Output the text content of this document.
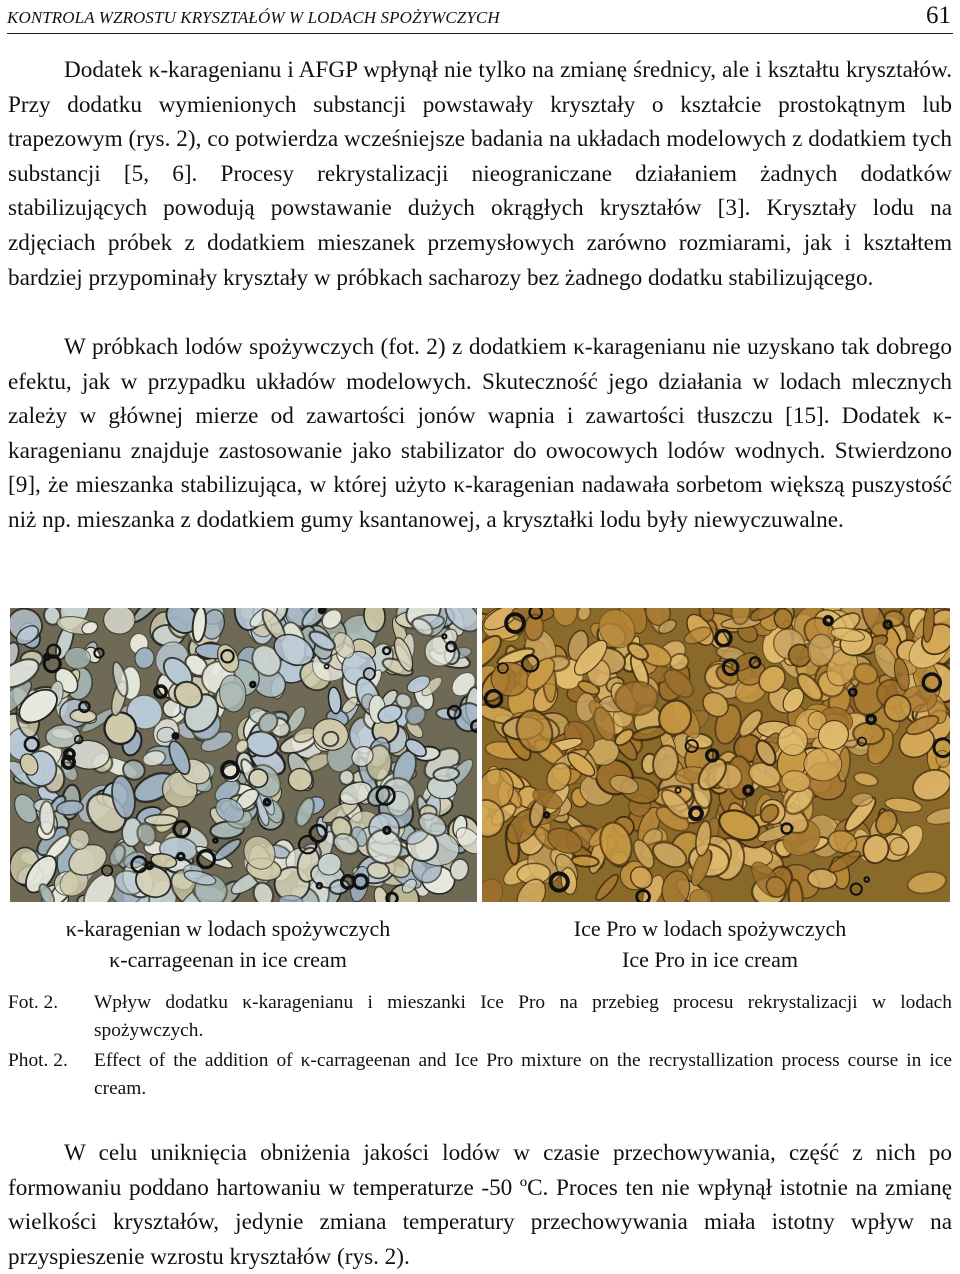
KONTROLA WZROSTU KRYSZTAŁÓW W LODACH SPOŻYWCZYCH	61

Dodatek κ-karagenianu i AFGP wpłynął nie tylko na zmianę średnicy, ale i kształtu kryształów. Przy dodatku wymienionych substancji powstawały kryształy o kształcie prostokątnym lub trapezowym (rys. 2), co potwierdza wcześniejsze badania na układach modelowych z dodatkiem tych substancji [5, 6]. Procesy rekrystalizacji nieograniczane działaniem żadnych dodatków stabilizujących powodują powstawanie dużych okrągłych kryształów [3]. Kryształy lodu na zdjęciach próbek z dodatkiem mieszanek przemysłowych zarówno rozmiarami, jak i kształtem bardziej przypominały kryształy w próbkach sacharozy bez żadnego dodatku stabilizującego.

W próbkach lodów spożywczych (fot. 2) z dodatkiem κ-karagenianu nie uzyskano tak dobrego efektu, jak w przypadku układów modelowych. Skuteczność jego działania w lodach mlecznych zależy w głównej mierze od zawartości jonów wapnia i zawartości tłuszczu [15]. Dodatek κ-karagenianu znajduje zastosowanie jako stabilizator do owocowych lodów wodnych. Stwierdzono [9], że mieszanka stabilizująca, w której użyto κ-karagenian nadawała sorbetom większą puszystość niż np. mieszanka z dodatkiem gumy ksantanowej, a kryształki lodu były niewyczuwalne.

κ-karagenian w lodach spożywczych
κ-carrageenan in ice cream
Ice Pro w lodach spożywczych
Ice Pro in ice cream
Fot. 2. Wpływ dodatku κ-karagenianu i mieszanki Ice Pro na przebieg procesu rekrystalizacji w lodach spożywczych.
Phot. 2. Effect of the addition of κ-carrageenan and Ice Pro mixture on the recrystallization process course in ice cream.

W celu uniknięcia obniżenia jakości lodów w czasie przechowywania, część z nich po formowaniu poddano hartowaniu w temperaturze -50 ºC. Proces ten nie wpłynął istotnie na zmianę wielkości kryształów, jedynie zmiana temperatury przechowywania miała istotny wpływ na przyspieszenie wzrostu kryształów (rys. 2).
